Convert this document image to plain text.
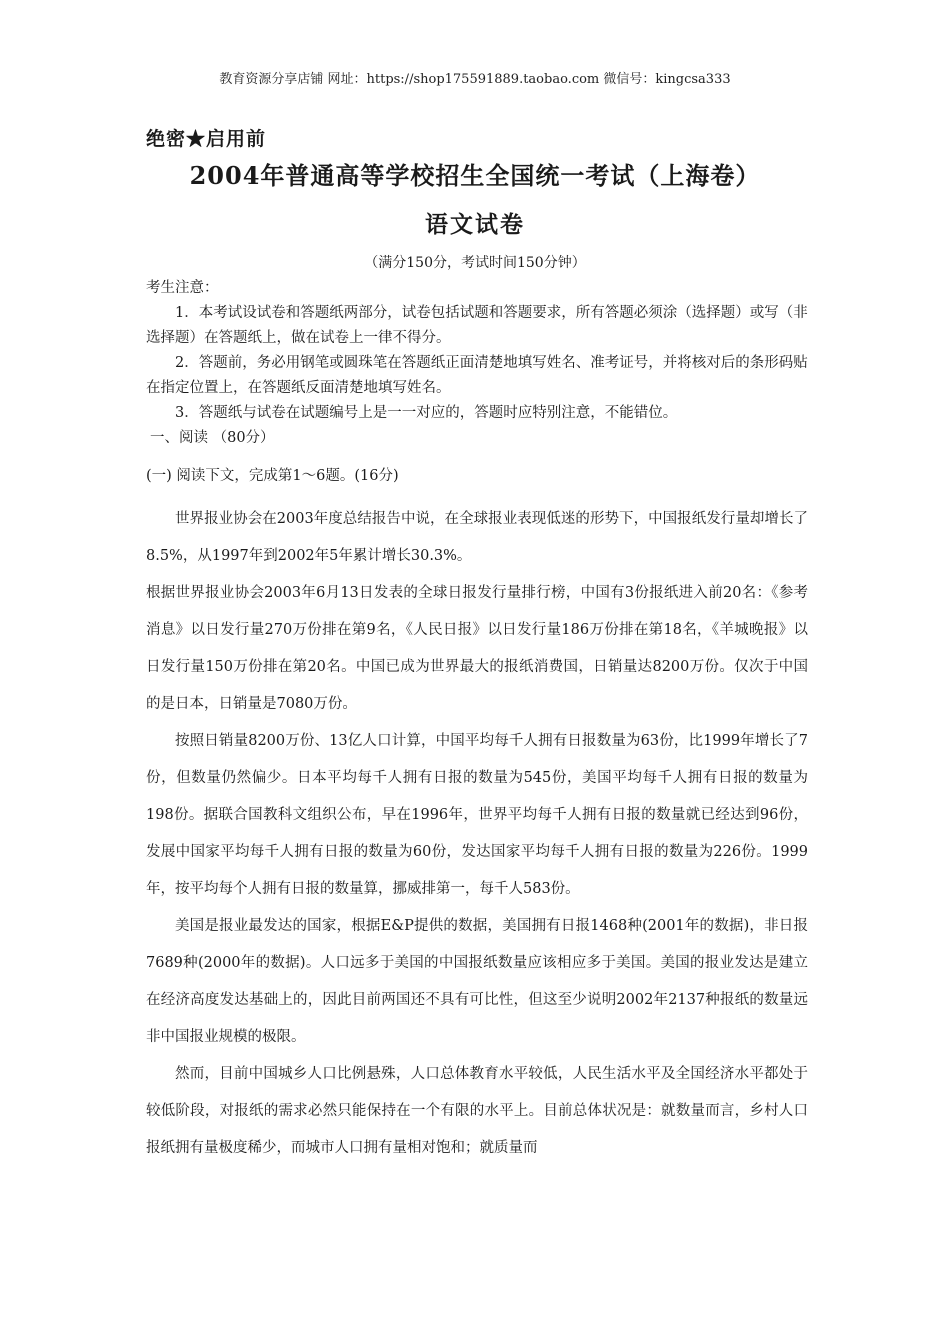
教育资源分享店铺 网址：https://shop175591889.taobao.com 微信号：kingcsa333
绝密★启用前
2004年普通高等学校招生全国统一考试（上海卷）
语文试卷
（满分150分，考试时间150分钟）

考生注意：

1．本考试设试卷和答题纸两部分，试卷包括试题和答题要求，所有答题必须涂（选择题）或写（非选择题）在答题纸上，做在试卷上一律不得分。

2．答题前，务必用钢笔或圆珠笔在答题纸正面清楚地填写姓名、准考证号，并将核对后的条形码贴在指定位置上，在答题纸反面清楚地填写姓名。

3．答题纸与试卷在试题编号上是一一对应的，答题时应特别注意，不能错位。

一、阅读 （80分）
(一) 阅读下文，完成第1～6题。(16分)

世界报业协会在2003年度总结报告中说，在全球报业表现低迷的形势下，中国报纸发行量却增长了8.5%，从1997年到2002年5年累计增长30.3%。

根据世界报业协会2003年6月13日发表的全球日报发行量排行榜，中国有3份报纸进入前20名：《参考消息》以日发行量270万份排在第9名，《人民日报》以日发行量186万份排在第18名，《羊城晚报》以日发行量150万份排在第20名。中国已成为世界最大的报纸消费国，日销量达8200万份。仅次于中国的是日本，日销量是7080万份。

按照日销量8200万份、13亿人口计算，中国平均每千人拥有日报数量为63份，比1999年增长了7份，但数量仍然偏少。日本平均每千人拥有日报的数量为545份，美国平均每千人拥有日报的数量为198份。据联合国教科文组织公布，早在1996年，世界平均每千人拥有日报的数量就已经达到96份，发展中国家平均每千人拥有日报的数量为60份，发达国家平均每千人拥有日报的数量为226份。1999年，按平均每个人拥有日报的数量算，挪威排第一，每千人583份。

美国是报业最发达的国家，根据E&P提供的数据，美国拥有日报1468种(2001年的数据)，非日报7689种(2000年的数据)。人口远多于美国的中国报纸数量应该相应多于美国。美国的报业发达是建立在经济高度发达基础上的，因此目前两国还不具有可比性，但这至少说明2002年2137种报纸的数量远非中国报业规模的极限。

然而，目前中国城乡人口比例悬殊，人口总体教育水平较低，人民生活水平及全国经济水平都处于较低阶段，对报纸的需求必然只能保持在一个有限的水平上。目前总体状况是：就数量而言，乡村人口报纸拥有量极度稀少，而城市人口拥有量相对饱和；就质量而
